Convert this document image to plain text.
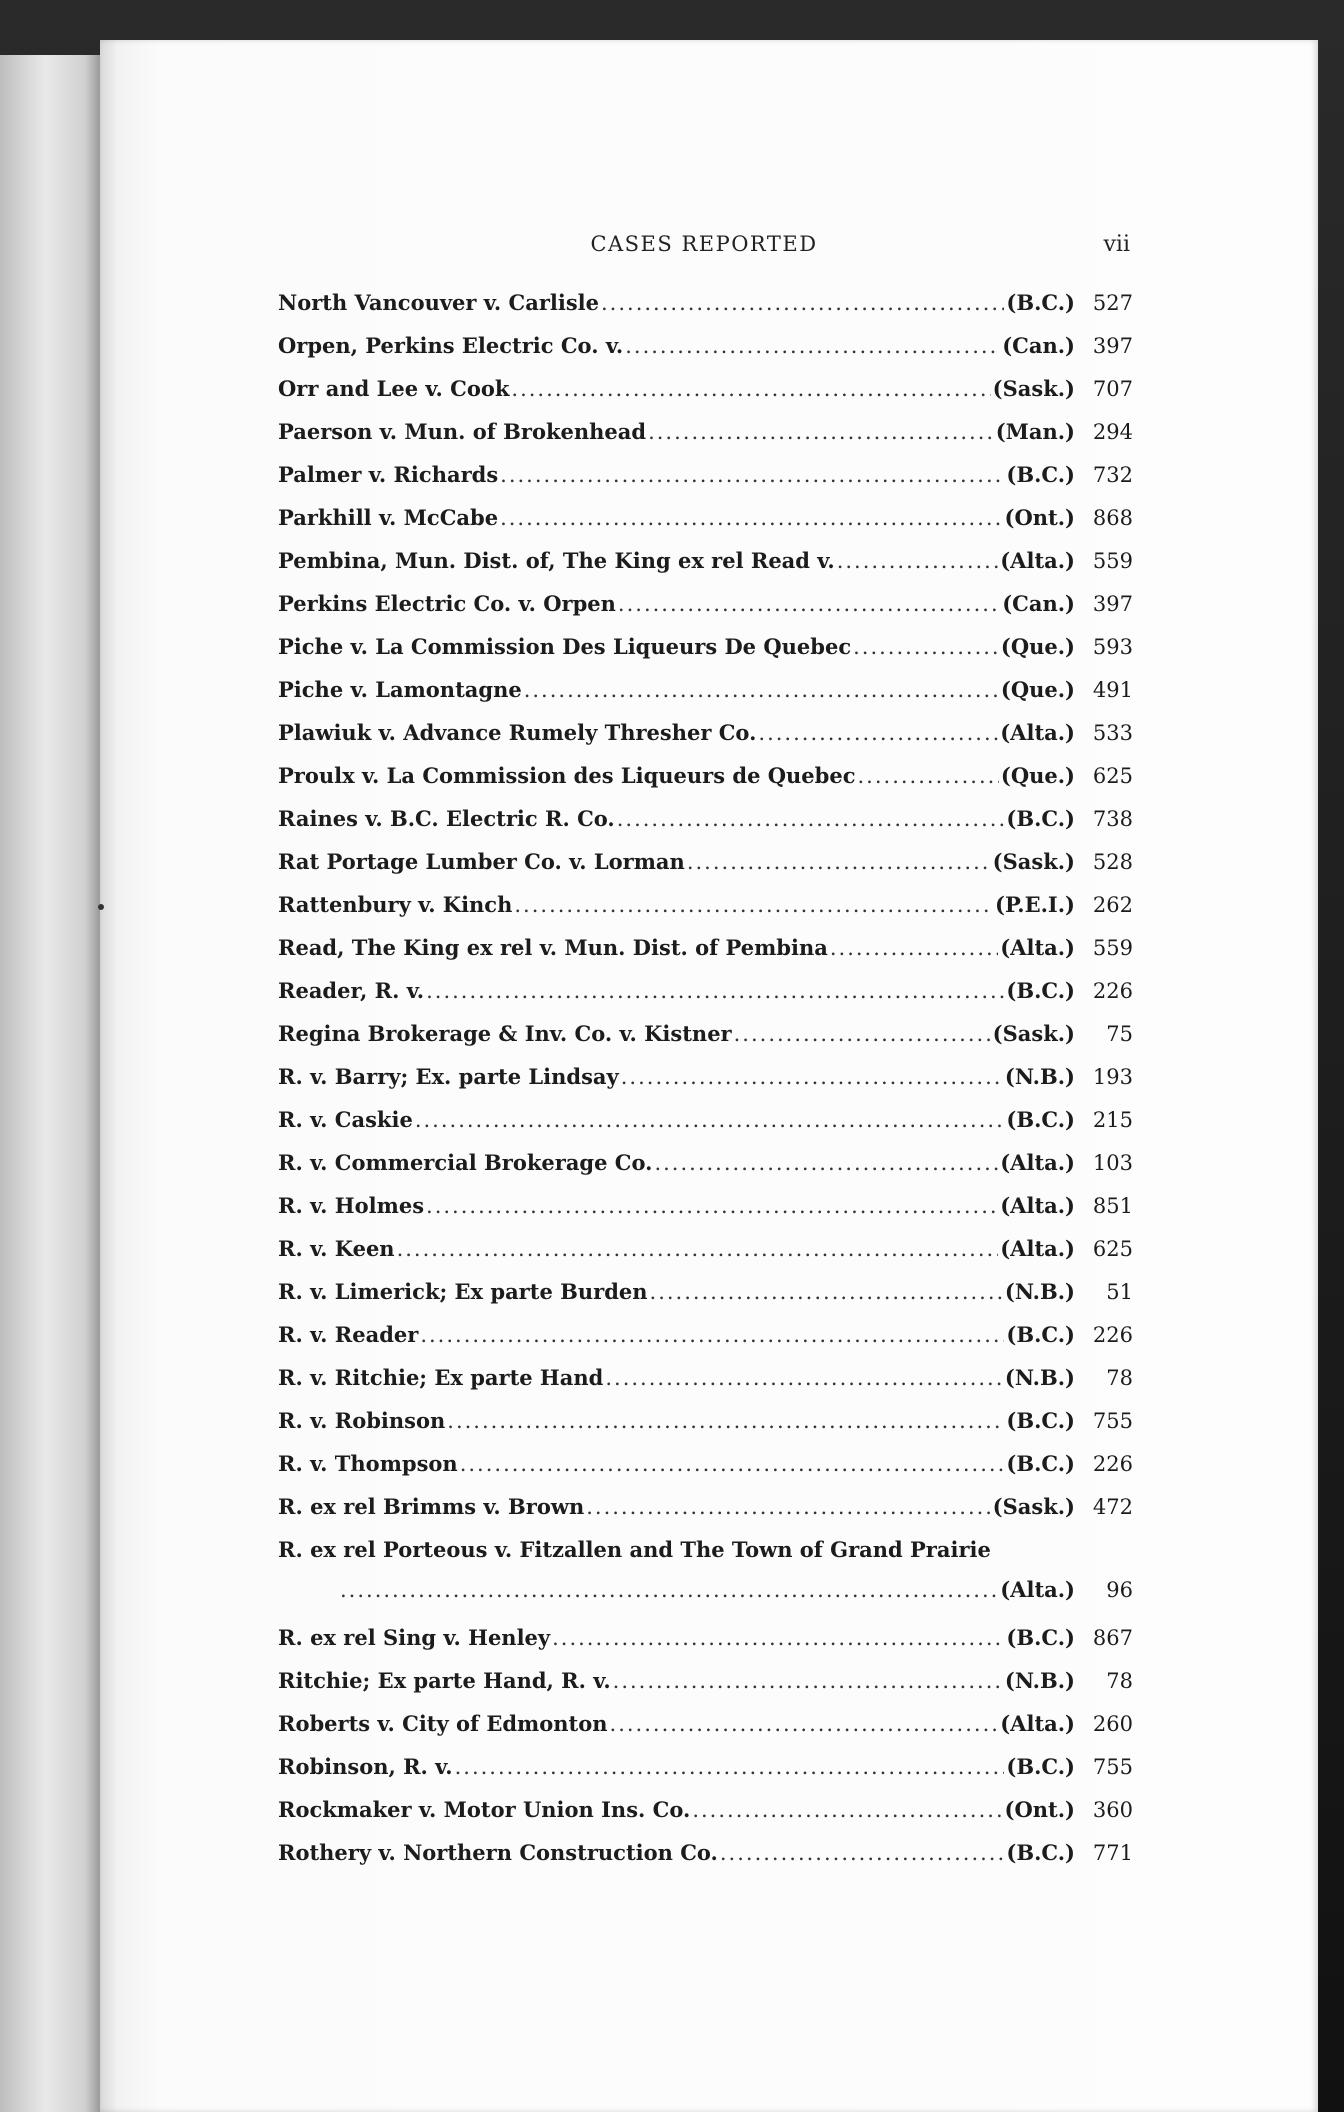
CASES REPORTED	vii
North Vancouver v. Carlisle .....	(B.C.) 527
Orpen, Perkins Electric Co. v. .....	(Can.) 397
Orr and Lee v. Cook .....	(Sask.) 707
Paerson v. Mun. of Brokenhead .....	(Man.) 294
Palmer v. Richards .....	(B.C.) 732
Parkhill v. McCabe .....	(Ont.) 868
Pembina, Mun. Dist. of, The King ex rel Read v. .....	(Alta.) 559
Perkins Electric Co. v. Orpen .....	(Can.) 397
Piche v. La Commission Des Liqueurs De Quebec .....	(Que.) 593
Piche v. Lamontagne .....	(Que.) 491
Plawiuk v. Advance Rumely Thresher Co. .....	(Alta.) 533
Proulx v. La Commission des Liqueurs de Quebec .....	(Que.) 625
Raines v. B.C. Electric R. Co. .....	(B.C.) 738
Rat Portage Lumber Co. v. Lorman .....	(Sask.) 528
Rattenbury v. Kinch .....	(P.E.I.) 262
Read, The King ex rel v. Mun. Dist. of Pembina .....	(Alta.) 559
Reader, R. v. .....	(B.C.) 226
Regina Brokerage & Inv. Co. v. Kistner .....	(Sask.)	75
R. v. Barry; Ex. parte Lindsay .....	(N.B.) 193
R. v. Caskie .....	(B.C.) 215
R. v. Commercial Brokerage Co. .....	(Alta.) 103
R. v. Holmes .....	(Alta.) 851
R. v. Keen .....	(Alta.) 625
R. v. Limerick; Ex parte Burden .....	(N.B.)	51
R. v. Reader .....	(B.C.) 226
R. v. Ritchie; Ex parte Hand .....	(N.B.)	78
R. v. Robinson .....	(B.C.) 755
R. v. Thompson .....	(B.C.) 226
R. ex rel Brimms v. Brown .....	(Sask.) 472
R. ex rel Porteous v. Fitzallen and The Town of Grand Prairie
.....
(Alta.)	96
R. ex rel Sing v. Henley .....	(B.C.) 867
Ritchie; Ex parte Hand, R. v. .....	(N.B.)	78
Roberts v. City of Edmonton .....	(Alta.) 260
Robinson, R. v. .....	(B.C.) 755
Rockmaker v. Motor Union Ins. Co. .....	(Ont.) 360
Rothery v. Northern Construction Co. .....	(B.C.) 771
